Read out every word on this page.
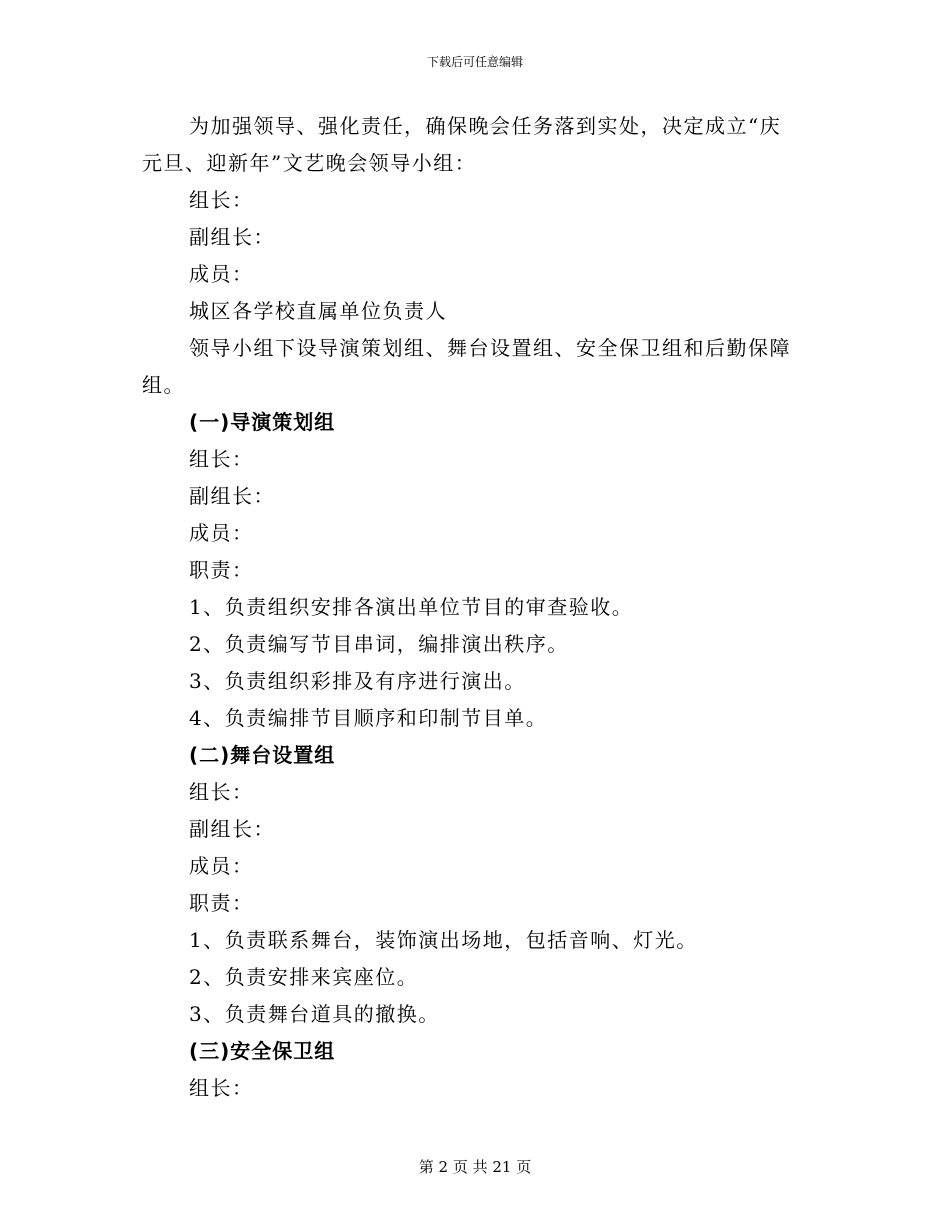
下载后可任意编辑

为加强领导、强化责任，确保晚会任务落到实处，决定成立“庆元旦、迎新年”文艺晚会领导小组：

组长：

副组长：

成员：

城区各学校直属单位负责人

领导小组下设导演策划组、舞台设置组、安全保卫组和后勤保障组。

(一)导演策划组

组长：

副组长：

成员：

职责：

1、负责组织安排各演出单位节目的审查验收。

2、负责编写节目串词，编排演出秩序。

3、负责组织彩排及有序进行演出。

4、负责编排节目顺序和印制节目单。

(二)舞台设置组

组长：

副组长：

成员：

职责：

1、负责联系舞台，装饰演出场地，包括音响、灯光。

2、负责安排来宾座位。

3、负责舞台道具的撤换。

(三)安全保卫组

组长：

第 2 页 共 21 页
